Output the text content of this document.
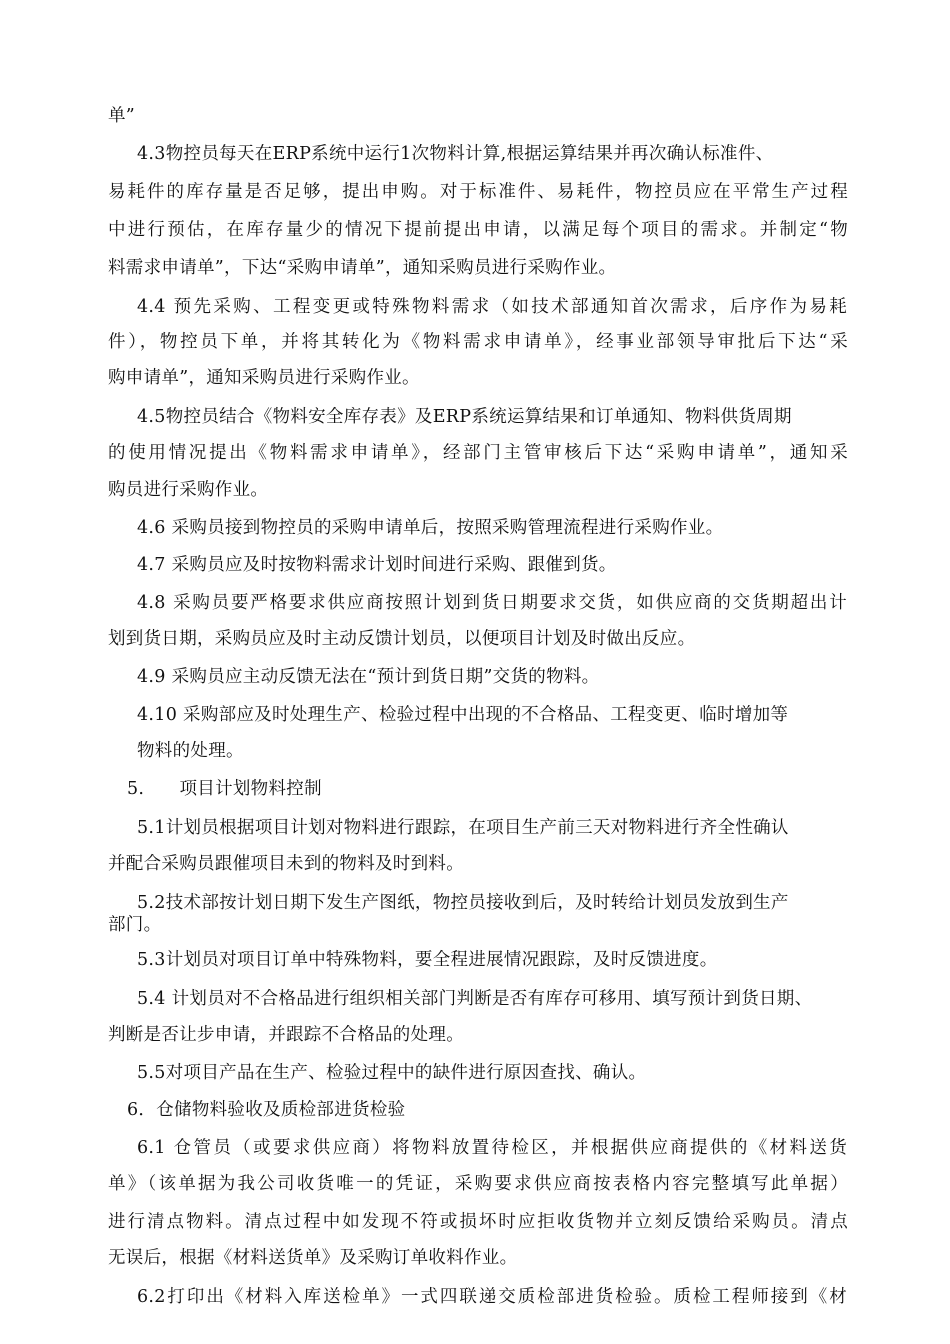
单”
4.3物控员每天在ERP系统中运行1次物料计算,根据运算结果并再次确认标准件、
易耗件的库存量是否足够，提出申购。对于标准件、易耗件，物控员应在平常生产过程
中进行预估，在库存量少的情况下提前提出申请，以满足每个项目的需求。并制定“物
料需求申请单”，下达“采购申请单”，通知采购员进行采购作业。
4.4 预先采购、工程变更或特殊物料需求（如技术部通知首次需求，后序作为易耗
件），物控员下单，并将其转化为《物料需求申请单》，经事业部领导审批后下达“采
购申请单”，通知采购员进行采购作业。
4.5物控员结合《物料安全库存表》及ERP系统运算结果和订单通知、物料供货周期
的使用情况提出《物料需求申请单》，经部门主管审核后下达“采购申请单”，通知采
购员进行采购作业。
4.6 采购员接到物控员的采购申请单后，按照采购管理流程进行采购作业。
4.7 采购员应及时按物料需求计划时间进行采购、跟催到货。
4.8 采购员要严格要求供应商按照计划到货日期要求交货，如供应商的交货期超出计
划到货日期，采购员应及时主动反馈计划员，以便项目计划及时做出反应。
4.9 采购员应主动反馈无法在“预计到货日期”交货的物料。
4.10 采购部应及时处理生产、检验过程中出现的不合格品、工程变更、临时增加等
物料的处理。
5.      项目计划物料控制
5.1计划员根据项目计划对物料进行跟踪，在项目生产前三天对物料进行齐全性确认
并配合采购员跟催项目未到的物料及时到料。
5.2技术部按计划日期下发生产图纸，物控员接收到后，及时转给计划员发放到生产
部门。
5.3计划员对项目订单中特殊物料，要全程进展情况跟踪，及时反馈进度。
5.4 计划员对不合格品进行组织相关部门判断是否有库存可移用、填写预计到货日期、
判断是否让步申请，并跟踪不合格品的处理。
5.5对项目产品在生产、检验过程中的缺件进行原因查找、确认。
6．仓储物料验收及质检部进货检验
6.1 仓管员（或要求供应商）将物料放置待检区，并根据供应商提供的《材料送货
单》（该单据为我公司收货唯一的凭证，采购要求供应商按表格内容完整填写此单据）
进行清点物料。清点过程中如发现不符或损坏时应拒收货物并立刻反馈给采购员。清点
无误后，根据《材料送货单》及采购订单收料作业。
6.2打印出《材料入库送检单》一式四联递交质检部进货检验。质检工程师接到《材
